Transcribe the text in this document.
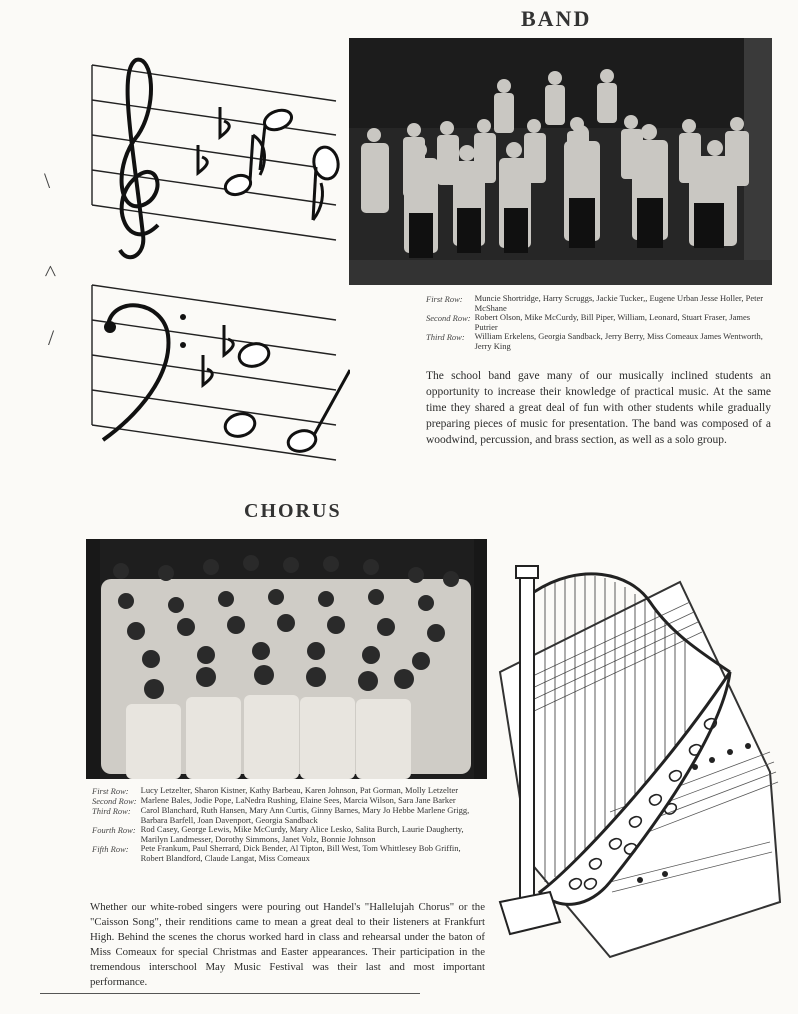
\
<
/
BAND
First Row:	Muncie Shortridge, Harry Scruggs, Jackie Tucker,, Eugene Urban Jesse Holler, Peter McShane
Second Row:	Robert Olson, Mike McCurdy, Bill Piper, William, Leonard, Stuart Fraser, James Putrier
Third Row:	William Erkelens, Georgia Sandback, Jerry Berry, Miss Comeaux James Wentworth, Jerry King
The school band gave many of our musically inclined students an opportunity to increase their knowledge of practical music. At the same time they shared a great deal of fun with other students while gradually preparing pieces of music for presentation. The band was composed of a woodwind, percussion, and brass section, as well as a solo group.
CHORUS
First Row:	Lucy Letzelter, Sharon Kistner, Kathy Barbeau, Karen Johnson, Pat Gorman, Molly Letzelter
Second Row:	Marlene Bales, Jodie Pope, LaNedra Rushing, Elaine Sees, Marcia Wilson, Sara Jane Barker
Third Row:	Carol Blanchard, Ruth Hansen, Mary Ann Curtis, Ginny Barnes, Mary Jo Hebbe Marlene Grigg, Barbara Barfell, Joan Davenport, Georgia Sandback
Fourth Row:	Rod Casey, George Lewis, Mike McCurdy, Mary Alice Lesko, Salita Burch, Laurie Daugherty, Marilyn Landmesser, Dorothy Simmons, Janet Volz, Bonnie Johnson
Fifth Row:	Pete Frankum, Paul Sherrard, Dick Bender, Al Tipton, Bill West, Tom Whittlesey Bob Griffin, Robert Blandford, Claude Langat, Miss Comeaux
Whether our white-robed singers were pouring out Handel's "Hallelujah Chorus" or the "Caisson Song", their renditions came to mean a great deal to their listeners at Frankfurt High. Behind the scenes the chorus worked hard in class and rehearsal under the baton of Miss Comeaux for special Christmas and Easter appearances. Their participation in the tremendous interschool May Music Festival was their last and most important performance.
